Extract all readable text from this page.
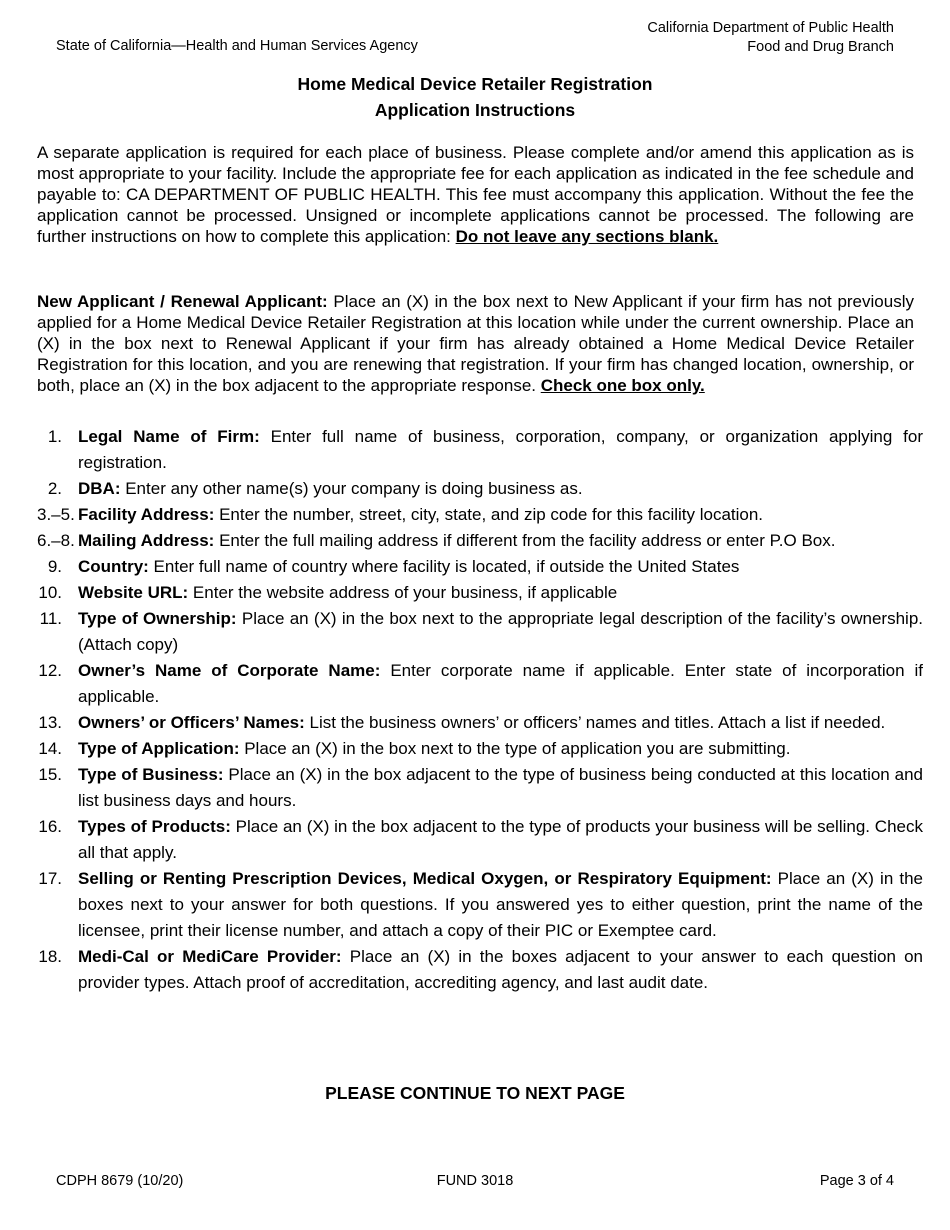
State of California—Health and Human Services Agency
California Department of Public Health
Food and Drug Branch
Home Medical Device Retailer Registration
Application Instructions
A separate application is required for each place of business. Please complete and/or amend this application as is most appropriate to your facility. Include the appropriate fee for each application as indicated in the fee schedule and payable to: CA DEPARTMENT OF PUBLIC HEALTH. This fee must accompany this application. Without the fee the application cannot be processed. Unsigned or incomplete applications cannot be processed. The following are further instructions on how to complete this application: Do not leave any sections blank.
New Applicant / Renewal Applicant: Place an (X) in the box next to New Applicant if your firm has not previously applied for a Home Medical Device Retailer Registration at this location while under the current ownership. Place an (X) in the box next to Renewal Applicant if your firm has already obtained a Home Medical Device Retailer Registration for this location, and you are renewing that registration. If your firm has changed location, ownership, or both, place an (X) in the box adjacent to the appropriate response. Check one box only.
1. Legal Name of Firm: Enter full name of business, corporation, company, or organization applying for registration.
2. DBA: Enter any other name(s) your company is doing business as.
3.–5. Facility Address: Enter the number, street, city, state, and zip code for this facility location.
6.–8. Mailing Address: Enter the full mailing address if different from the facility address or enter P.O Box.
9. Country: Enter full name of country where facility is located, if outside the United States
10. Website URL: Enter the website address of your business, if applicable
11. Type of Ownership: Place an (X) in the box next to the appropriate legal description of the facility’s ownership. (Attach copy)
12. Owner’s Name of Corporate Name: Enter corporate name if applicable. Enter state of incorporation if applicable.
13. Owners’ or Officers’ Names: List the business owners’ or officers’ names and titles. Attach a list if needed.
14. Type of Application: Place an (X) in the box next to the type of application you are submitting.
15. Type of Business: Place an (X) in the box adjacent to the type of business being conducted at this location and list business days and hours.
16. Types of Products: Place an (X) in the box adjacent to the type of products your business will be selling. Check all that apply.
17. Selling or Renting Prescription Devices, Medical Oxygen, or Respiratory Equipment: Place an (X) in the boxes next to your answer for both questions. If you answered yes to either question, print the name of the licensee, print their license number, and attach a copy of their PIC or Exemptee card.
18. Medi-Cal or MediCare Provider: Place an (X) in the boxes adjacent to your answer to each question on provider types. Attach proof of accreditation, accrediting agency, and last audit date.
PLEASE CONTINUE TO NEXT PAGE
CDPH 8679 (10/20)	FUND 3018	Page 3 of 4
